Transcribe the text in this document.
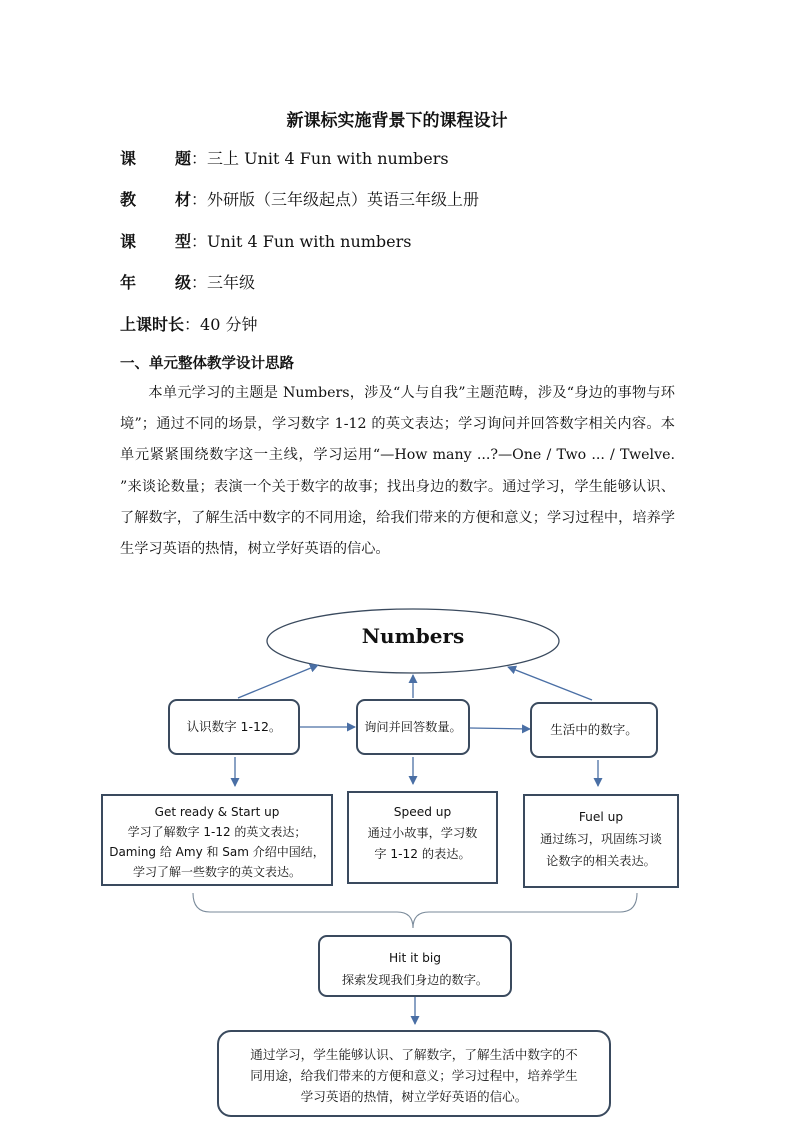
新课标实施背景下的课程设计
课 题：三上 Unit 4 Fun with numbers
教 材：外研版（三年级起点）英语三年级上册
课 型：Unit 4 Fun with numbers
年 级：三年级
上课时长：40 分钟
一、单元整体教学设计思路

本单元学习的主题是 Numbers，涉及“人与自我”主题范畴，涉及“身边的事物与环境”；通过不同的场景，学习数字 1-12 的英文表达；学习询问并回答数字相关内容。本单元紧紧围绕数字这一主线，学习运用“—How many ...?—One / Two ... / Twelve. ”来谈论数量；表演一个关于数字的故事；找出身边的数字。通过学习，学生能够认识、了解数字，了解生活中数字的不同用途，给我们带来的方便和意义；学习过程中，培养学生学习英语的热情，树立学好英语的信心。

认识数字 1-12。	询问并回答数量。	生活中的数字。
Numbers
Get ready & Start up
学习了解数字 1-12 的英文表达；
Daming 给 Amy 和 Sam 介绍中国结，
学习了解一些数字的英文表达。
Speed up
通过小故事，学习数
字 1-12 的表达。
Fuel up
通过练习，巩固练习谈
论数字的相关表达。
Hit it big
探索发现我们身边的数字。
通过学习，学生能够认识、了解数字，了解生活中数字的不
同用途，给我们带来的方便和意义；学习过程中，培养学生
学习英语的热情，树立学好英语的信心。
